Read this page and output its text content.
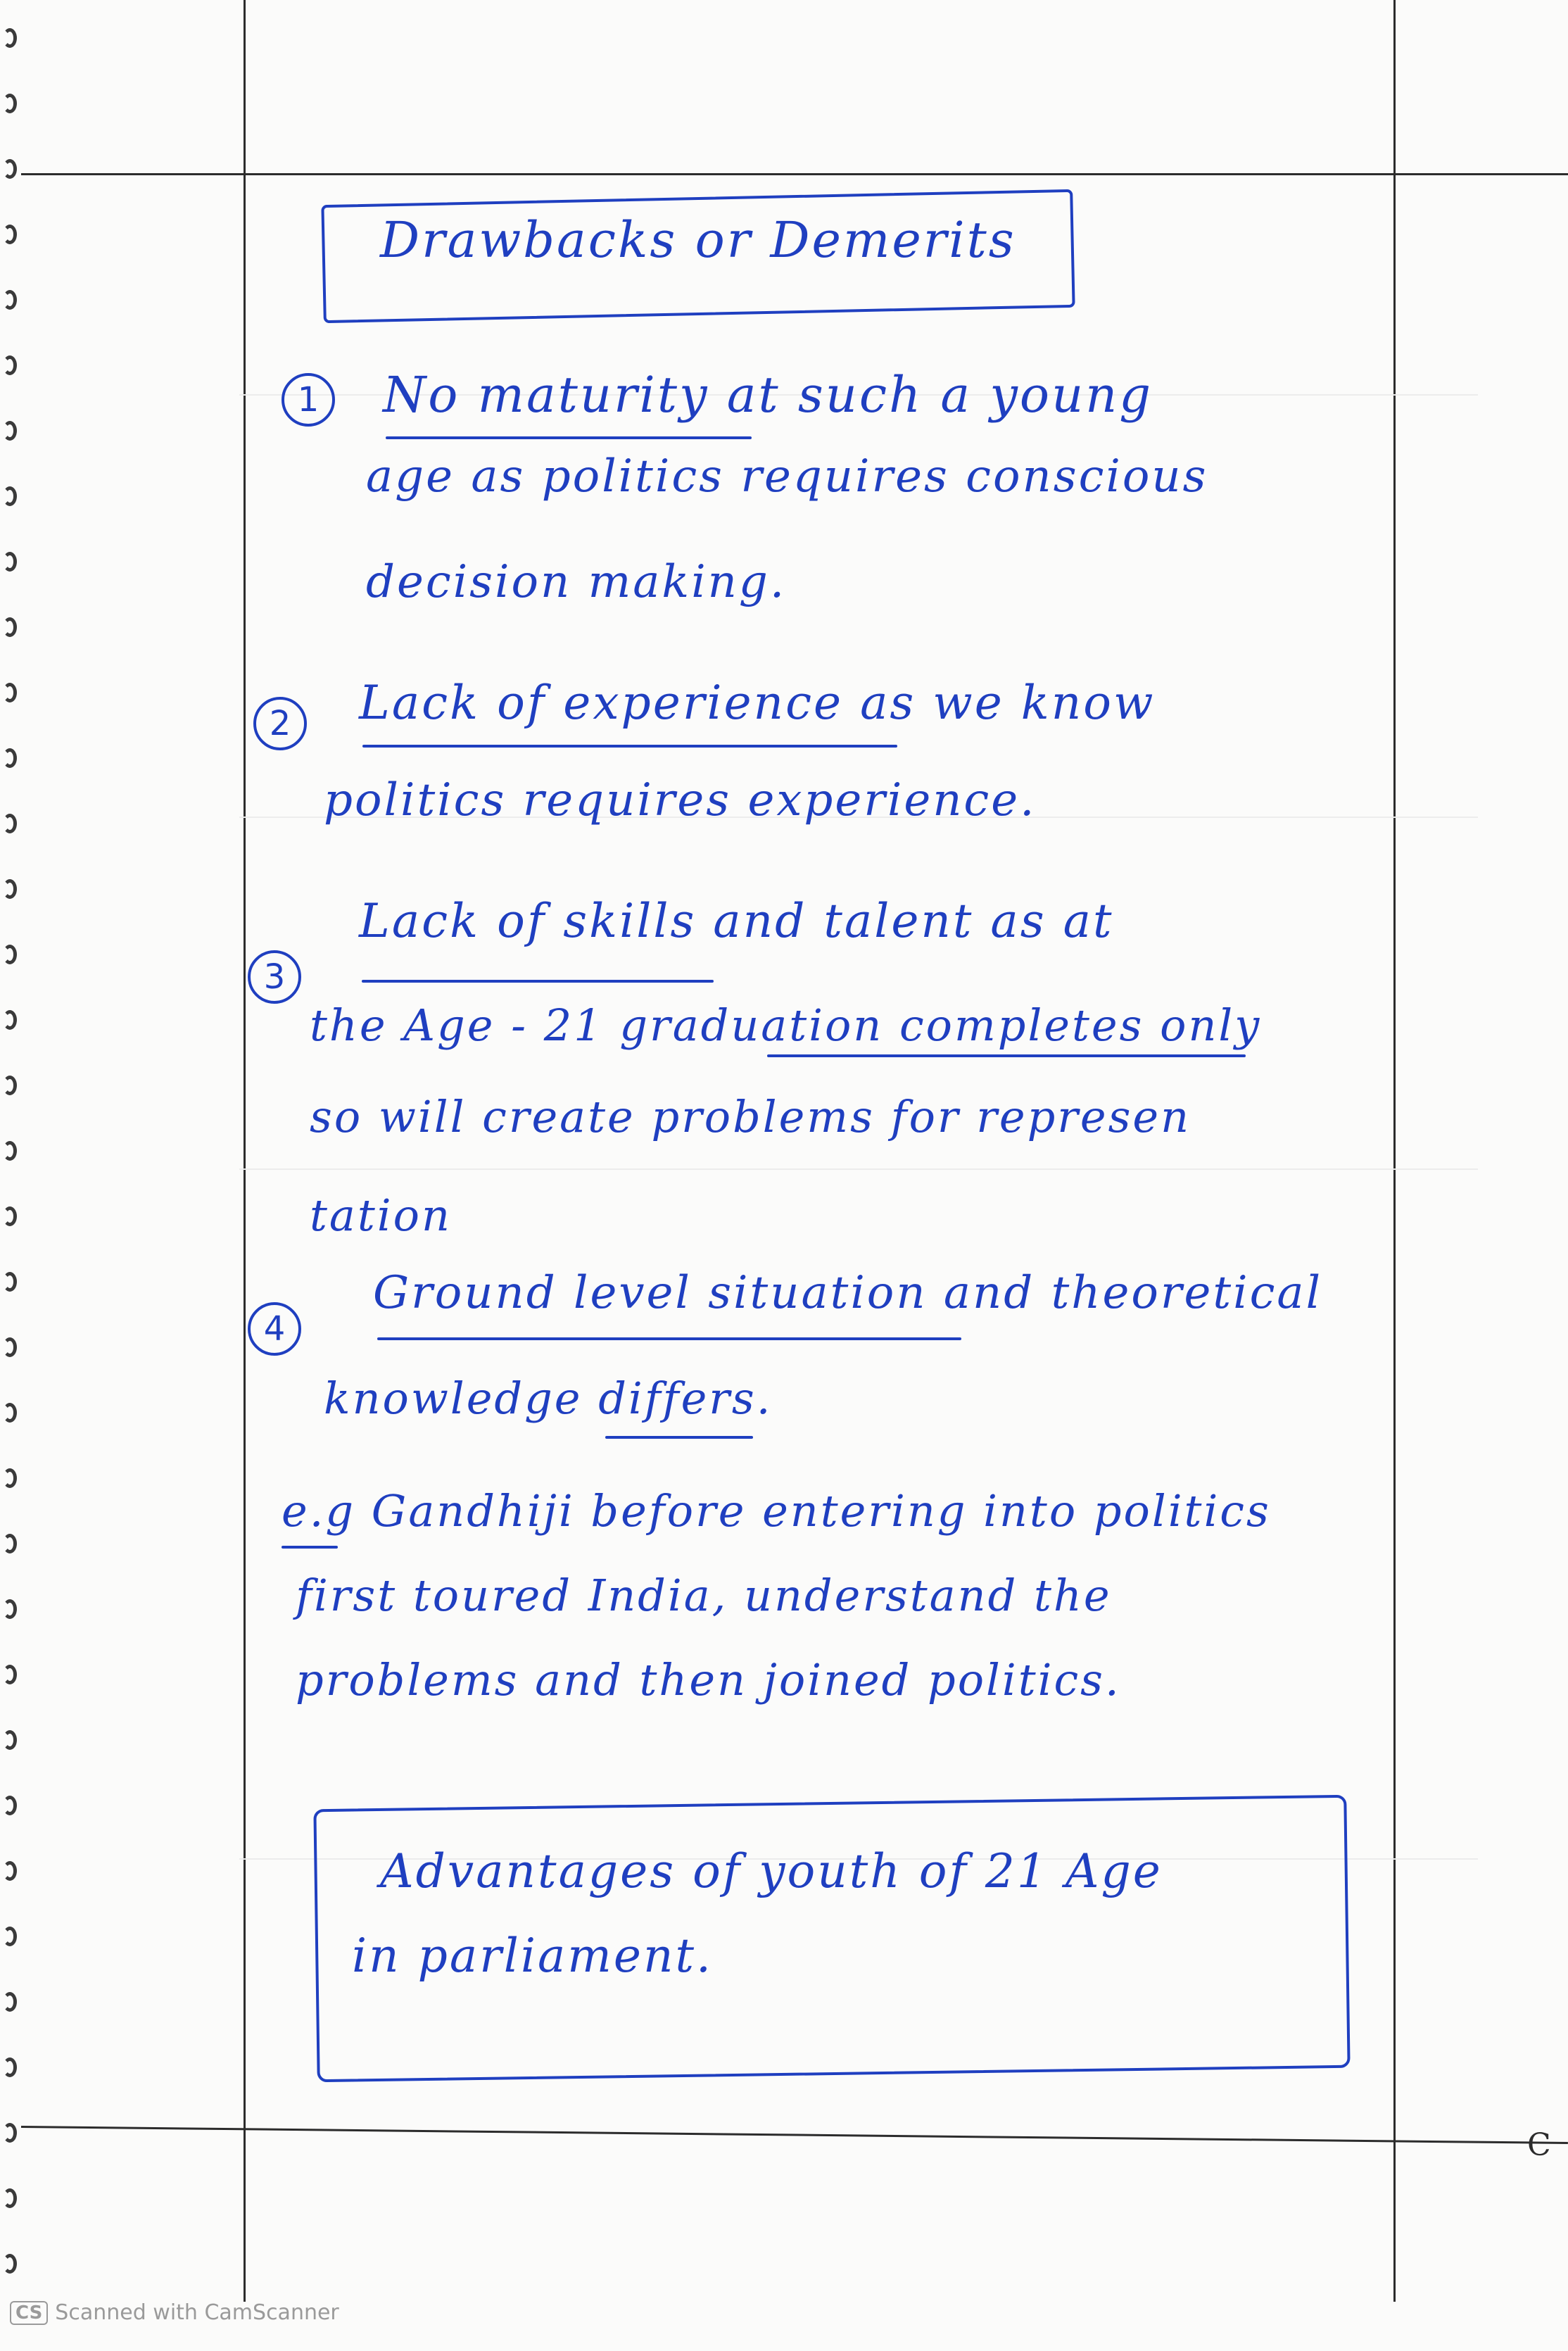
Drawbacks or Demerits
1	No maturity at such a young
age as politics requires conscious
decision making.
2	Lack of experience as we know
politics requires experience.
3
Lack of skills and talent as at
the Age - 21 graduation completes only
so will create problems for represen
tation
4
Ground level situation and theoretical
knowledge differs.
e.g Gandhiji before entering into politics
first toured India, understand the
problems and then joined politics.
Advantages of youth of 21 Age
in parliament.
C
CS Scanned with CamScanner
